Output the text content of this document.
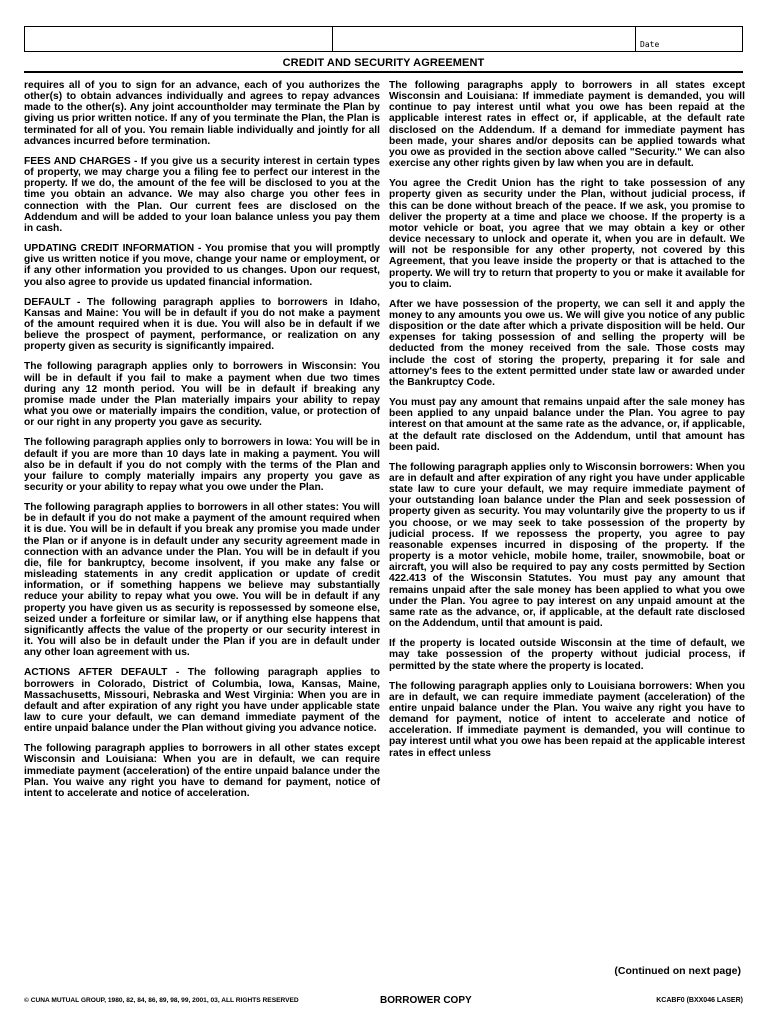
Date
CREDIT AND SECURITY AGREEMENT

requires all of you to sign for an advance, each of you authorizes the other(s) to obtain advances individually and agrees to repay advances made to the other(s). Any joint accountholder may terminate the Plan by giving us prior written notice. If any of you terminate the Plan, the Plan is terminated for all of you. You remain liable individually and jointly for all advances incurred before termination.

FEES AND CHARGES - If you give us a security interest in certain types of property, we may charge you a filing fee to perfect our interest in the property. If we do, the amount of the fee will be disclosed to you at the time you obtain an advance. We may also charge you other fees in connection with the Plan. Our current fees are disclosed on the Addendum and will be added to your loan balance unless you pay them in cash.

UPDATING CREDIT INFORMATION - You promise that you will promptly give us written notice if you move, change your name or employment, or if any other information you provided to us changes. Upon our request, you also agree to provide us updated financial information.

DEFAULT - The following paragraph applies to borrowers in Idaho, Kansas and Maine: You will be in default if you do not make a payment of the amount required when it is due. You will also be in default if we believe the prospect of payment, performance, or realization on any property given as security is significantly impaired.

The following paragraph applies only to borrowers in Wisconsin: You will be in default if you fail to make a payment when due two times during any 12 month period. You will be in default if breaking any promise made under the Plan materially impairs your ability to repay what you owe or materially impairs the condition, value, or protection of or our right in any property you gave as security.

The following paragraph applies only to borrowers in Iowa: You will be in default if you are more than 10 days late in making a payment. You will also be in default if you do not comply with the terms of the Plan and your failure to comply materially impairs any property you gave as security or your ability to repay what you owe under the Plan.

The following paragraph applies to borrowers in all other states: You will be in default if you do not make a payment of the amount required when it is due. You will be in default if you break any promise you made under the Plan or if anyone is in default under any security agreement made in connection with an advance under the Plan. You will be in default if you die, file for bankruptcy, become insolvent, if you make any false or misleading statements in any credit application or update of credit information, or if something happens we believe may substantially reduce your ability to repay what you owe. You will be in default if any property you have given us as security is repossessed by someone else, seized under a forfeiture or similar law, or if anything else happens that significantly affects the value of the property or our security interest in it. You will also be in default under the Plan if you are in default under any other loan agreement with us.

ACTIONS AFTER DEFAULT - The following paragraph applies to borrowers in Colorado, District of Columbia, Iowa, Kansas, Maine, Massachusetts, Missouri, Nebraska and West Virginia: When you are in default and after expiration of any right you have under applicable state law to cure your default, we can demand immediate payment of the entire unpaid balance under the Plan without giving you advance notice.

The following paragraph applies to borrowers in all other states except Wisconsin and Louisiana: When you are in default, we can require immediate payment (acceleration) of the entire unpaid balance under the Plan. You waive any right you have to demand for payment, notice of intent to accelerate and notice of acceleration.

The following paragraphs apply to borrowers in all states except Wisconsin and Louisiana: If immediate payment is demanded, you will continue to pay interest until what you owe has been repaid at the applicable interest rates in effect or, if applicable, at the default rate disclosed on the Addendum. If a demand for immediate payment has been made, your shares and/or deposits can be applied towards what you owe as provided in the section above called "Security." We can also exercise any other rights given by law when you are in default.

You agree the Credit Union has the right to take possession of any property given as security under the Plan, without judicial process, if this can be done without breach of the peace. If we ask, you promise to deliver the property at a time and place we choose. If the property is a motor vehicle or boat, you agree that we may obtain a key or other device necessary to unlock and operate it, when you are in default. We will not be responsible for any other property, not covered by this Agreement, that you leave inside the property or that is attached to the property. We will try to return that property to you or make it available for you to claim.

After we have possession of the property, we can sell it and apply the money to any amounts you owe us. We will give you notice of any public disposition or the date after which a private disposition will be held. Our expenses for taking possession of and selling the property will be deducted from the money received from the sale. Those costs may include the cost of storing the property, preparing it for sale and attorney's fees to the extent permitted under state law or awarded under the Bankruptcy Code.

You must pay any amount that remains unpaid after the sale money has been applied to any unpaid balance under the Plan. You agree to pay interest on that amount at the same rate as the advance, or, if applicable, at the default rate disclosed on the Addendum, until that amount has been paid.

The following paragraph applies only to Wisconsin borrowers: When you are in default and after expiration of any right you have under applicable state law to cure your default, we may require immediate payment of your outstanding loan balance under the Plan and seek possession of property given as security. You may voluntarily give the property to us if you choose, or we may seek to take possession of the property by judicial process. If we repossess the property, you agree to pay reasonable expenses incurred in disposing of the property. If the property is a motor vehicle, mobile home, trailer, snowmobile, boat or aircraft, you will also be required to pay any costs permitted by Section 422.413 of the Wisconsin Statutes. You must pay any amount that remains unpaid after the sale money has been applied to what you owe under the Plan. You agree to pay interest on any unpaid amount at the same rate as the advance, or, if applicable, at the default rate disclosed on the Addendum, until that amount is paid.

If the property is located outside Wisconsin at the time of default, we may take possession of the property without judicial process, if permitted by the state where the property is located.

The following paragraph applies only to Louisiana borrowers: When you are in default, we can require immediate payment (acceleration) of the entire unpaid balance under the Plan. You waive any right you have to demand for payment, notice of intent to accelerate and notice of acceleration. If immediate payment is demanded, you will continue to pay interest until what you owe has been repaid at the applicable interest rates in effect unless

(Continued on next page)
© CUNA MUTUAL GROUP, 1980, 82, 84, 86, 89, 98, 99, 2001, 03, ALL RIGHTS RESERVED	BORROWER COPY	KCABF0 (BXX046 LASER)
